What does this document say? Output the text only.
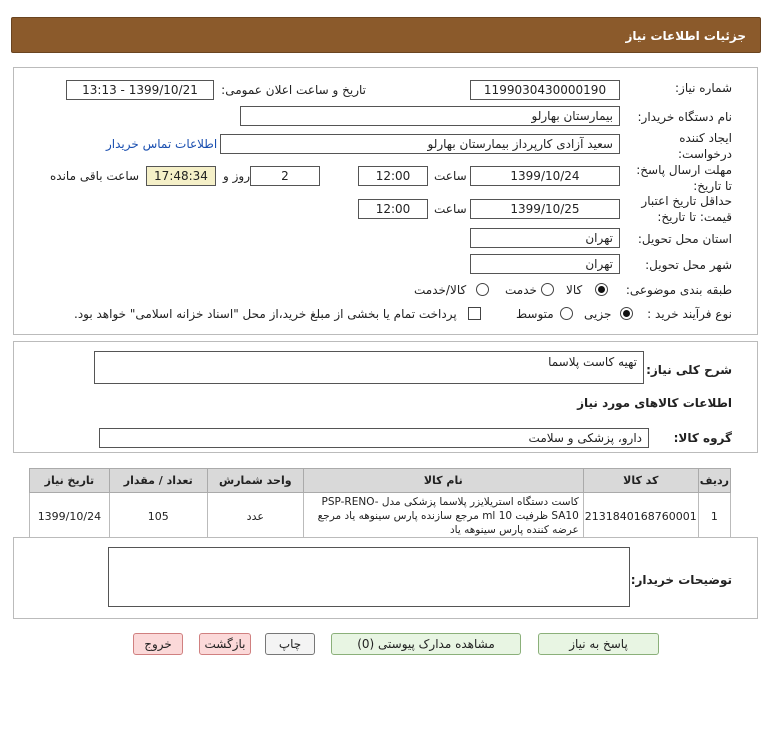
جزئیات اطلاعات نیاز
شماره نیاز:
1199030430000190
تاریخ و ساعت اعلان عمومی:
1399/10/21 - 13:13
نام دستگاه خریدار:
بیمارستان بهارلو
ایجاد کننده درخواست:
سعید آزادی کارپرداز بیمارستان بهارلو
اطلاعات تماس خریدار
مهلت ارسال پاسخ: تا تاریخ:
1399/10/24
ساعت
12:00
2
روز و
17:48:34
ساعت باقی مانده
حداقل تاریخ اعتبار قیمت: تا تاریخ:
1399/10/25
ساعت
12:00
استان محل تحویل:
تهران
شهر محل تحویل:
تهران
طبقه بندی موضوعی:
کالا
خدمت
کالا/خدمت
نوع فرآیند خرید :
جزیی
متوسط
پرداخت تمام یا بخشی از مبلغ خرید،از محل "اسناد خزانه اسلامی" خواهد بود.
شرح کلی نیاز:
تهیه کاست پلاسما
اطلاعات کالاهای مورد نیاز
گروه کالا:
دارو، پزشکی و سلامت
ردیف	کد کالا	نام کالا	واحد شمارش	تعداد / مقدار	تاریخ نیاز
1	2131840168760001	کاست دستگاه استریلایزر پلاسما پزشکی مدل PSP-RENO-SA10 ظرفیت 10 ml مرجع سازنده پارس سینوهه یاد مرجع عرضه کننده پارس سینوهه یاد	عدد	105	1399/10/24
توضیحات خریدار:
پاسخ به نیاز
مشاهده مدارک پیوستی (0)
چاپ
بازگشت
خروج
